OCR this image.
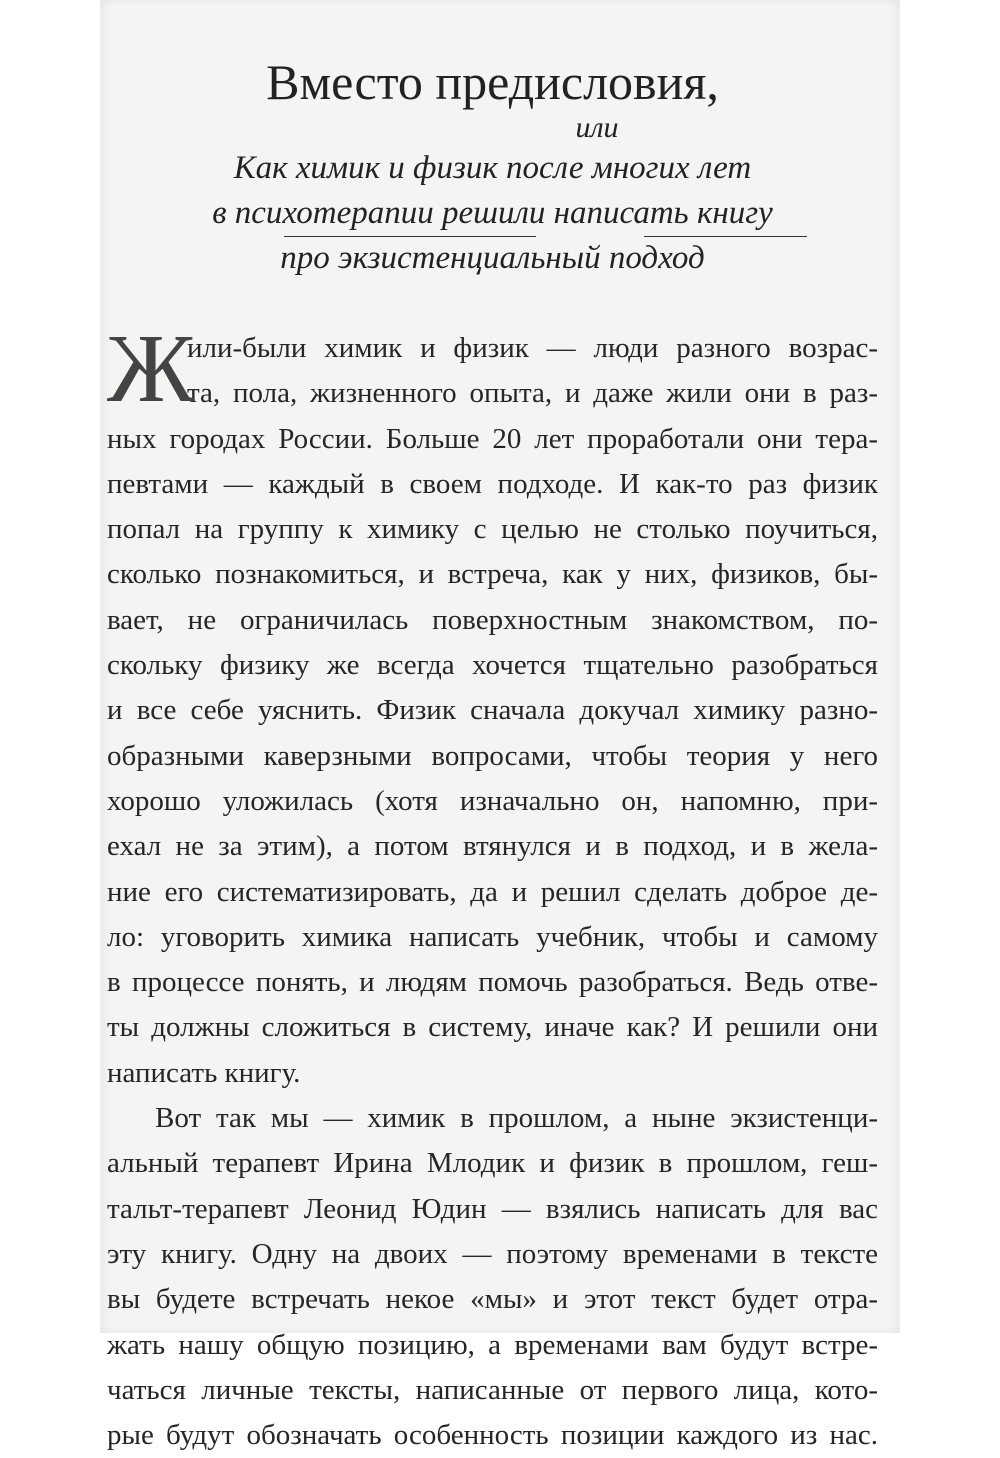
Вместо предисловия,
или
Как химик и физик после многих лет
в психотерапии решили написать книгу
про экзистенциальный подход
Ж
или-были химик и физик — люди разного возрас-
та, пола, жизненного опыта, и даже жили они в раз-
ных городах России. Больше 20 лет проработали они тера-
певтами — каждый в своем подходе. И как-то раз физик
попал на группу к химику с целью не столько поучиться,
сколько познакомиться, и встреча, как у них, физиков, бы-
вает, не ограничилась поверхностным знакомством, по-
скольку физику же всегда хочется тщательно разобраться
и все себе уяснить. Физик сначала докучал химику разно-
образными каверзными вопросами, чтобы теория у него
хорошо уложилась (хотя изначально он, напомню, при-
ехал не за этим), а потом втянулся и в подход, и в жела-
ние его систематизировать, да и решил сделать доброе де-
ло: уговорить химика написать учебник, чтобы и самому
в процессе понять, и людям помочь разобраться. Ведь отве-
ты должны сложиться в систему, иначе как? И решили они
написать книгу.
Вот так мы — химик в прошлом, а ныне экзистенци-
альный терапевт Ирина Млодик и физик в прошлом, геш-
тальт-терапевт Леонид Юдин — взялись написать для вас
эту книгу. Одну на двоих — поэтому временами в тексте
вы будете встречать некое «мы» и этот текст будет отра-
жать нашу общую позицию, а временами вам будут встре-
чаться личные тексты, написанные от первого лица, кото-
рые будут обозначать особенность позиции каждого из нас.
